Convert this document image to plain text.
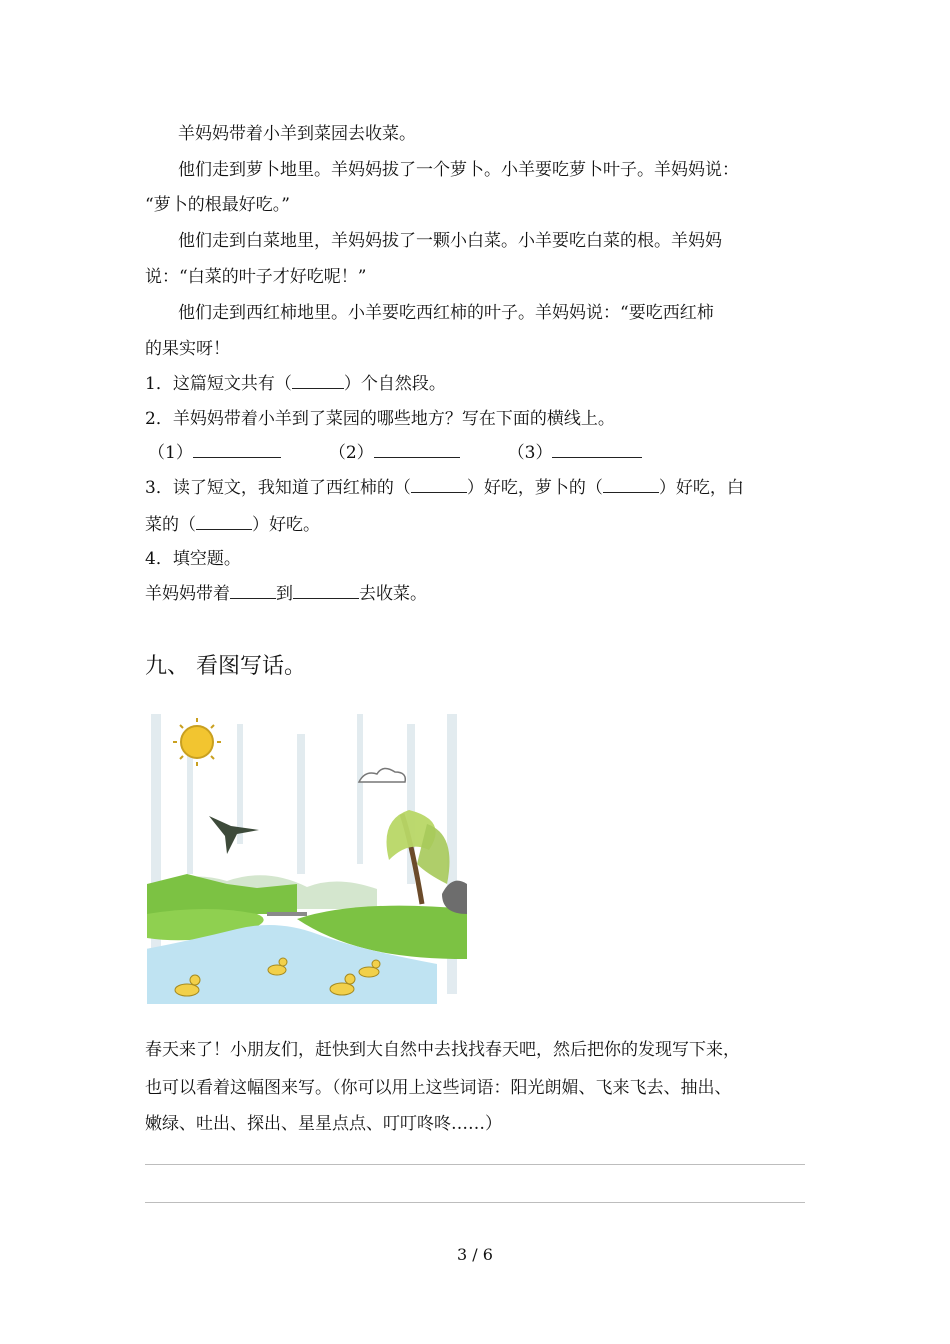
羊妈妈带着小羊到菜园去收菜。
他们走到萝卜地里。羊妈妈拔了一个萝卜。小羊要吃萝卜叶子。羊妈妈说：
“萝卜的根最好吃。”
他们走到白菜地里，羊妈妈拔了一颗小白菜。小羊要吃白菜的根。羊妈妈
说：“白菜的叶子才好吃呢！”
他们走到西红柿地里。小羊要吃西红柿的叶子。羊妈妈说：“要吃西红柿
的果实呀！
1．这篇短文共有（	）个自然段。
2．羊妈妈带着小羊到了菜园的哪些地方？写在下面的横线上。
（1）	（2）	（3）
3．读了短文，我知道了西红柿的（	）好吃，萝卜的（	）好吃，白
菜的（	）好吃。
4．填空题。
羊妈妈带着	到	去收菜。
九、 看图写话。
春天来了！小朋友们，赶快到大自然中去找找春天吧，然后把你的发现写下来，
也可以看着这幅图来写。（你可以用上这些词语：阳光朗媚、飞来飞去、抽出、
嫩绿、吐出、探出、星星点点、叮叮咚咚……）
3 / 6
